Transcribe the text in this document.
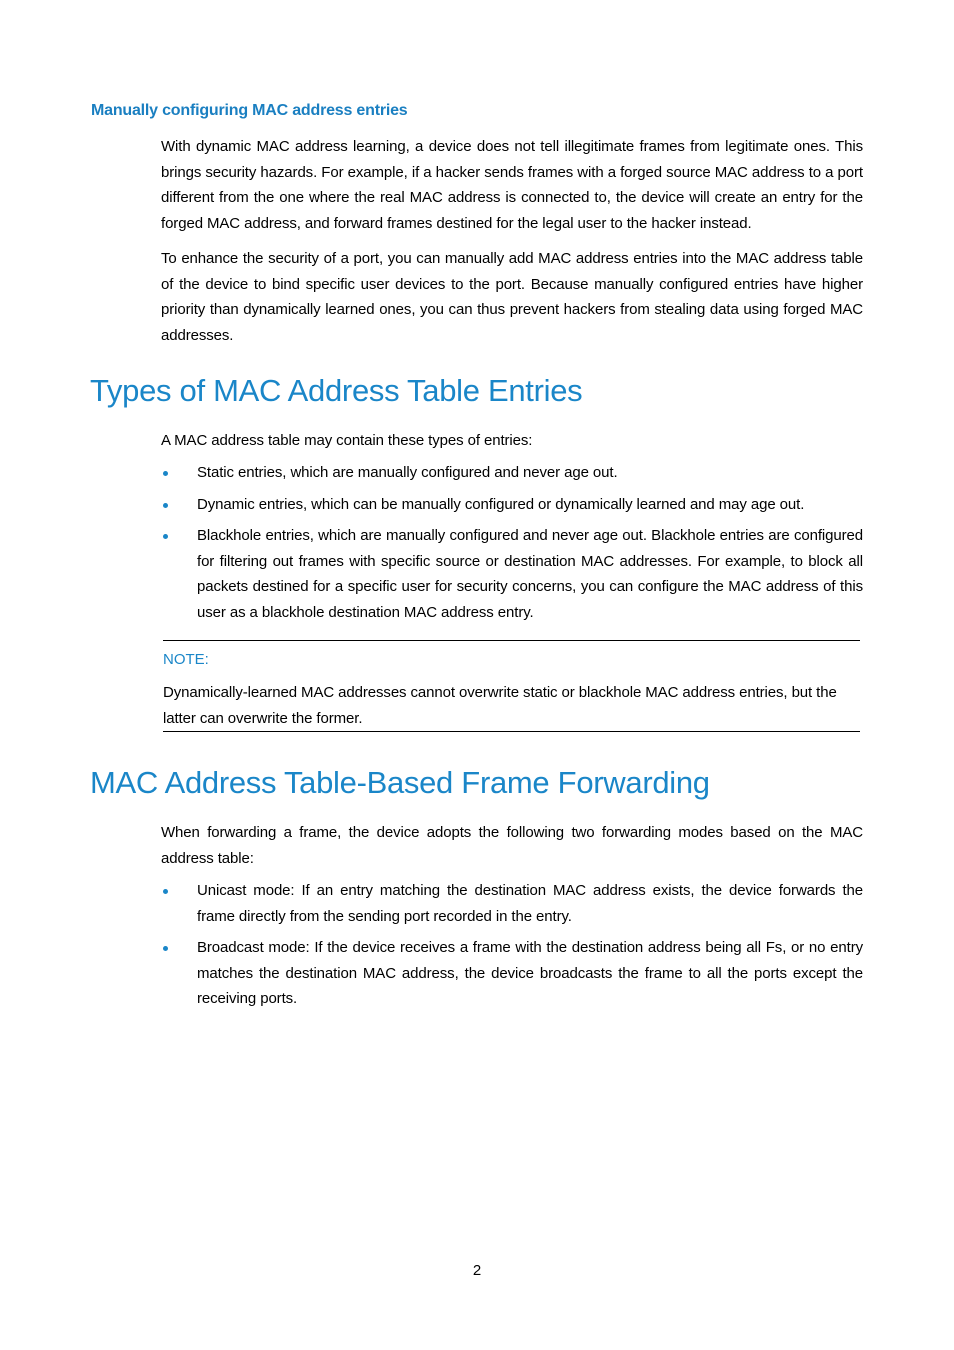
Manually configuring MAC address entries

With dynamic MAC address learning, a device does not tell illegitimate frames from legitimate ones. This brings security hazards. For example, if a hacker sends frames with a forged source MAC address to a port different from the one where the real MAC address is connected to, the device will create an entry for the forged MAC address, and forward frames destined for the legal user to the hacker instead.

To enhance the security of a port, you can manually add MAC address entries into the MAC address table of the device to bind specific user devices to the port. Because manually configured entries have higher priority than dynamically learned ones, you can thus prevent hackers from stealing data using forged MAC addresses.

Types of MAC Address Table Entries

A MAC address table may contain these types of entries:

Static entries, which are manually configured and never age out.
Dynamic entries, which can be manually configured or dynamically learned and may age out.
Blackhole entries, which are manually configured and never age out. Blackhole entries are configured for filtering out frames with specific source or destination MAC addresses. For example, to block all packets destined for a specific user for security concerns, you can configure the MAC address of this user as a blackhole destination MAC address entry.

NOTE:

Dynamically-learned MAC addresses cannot overwrite static or blackhole MAC address entries, but the latter can overwrite the former.

MAC Address Table-Based Frame Forwarding

When forwarding a frame, the device adopts the following two forwarding modes based on the MAC address table:

Unicast mode: If an entry matching the destination MAC address exists, the device forwards the frame directly from the sending port recorded in the entry.
Broadcast mode: If the device receives a frame with the destination address being all Fs, or no entry matches the destination MAC address, the device broadcasts the frame to all the ports except the receiving ports.
2
